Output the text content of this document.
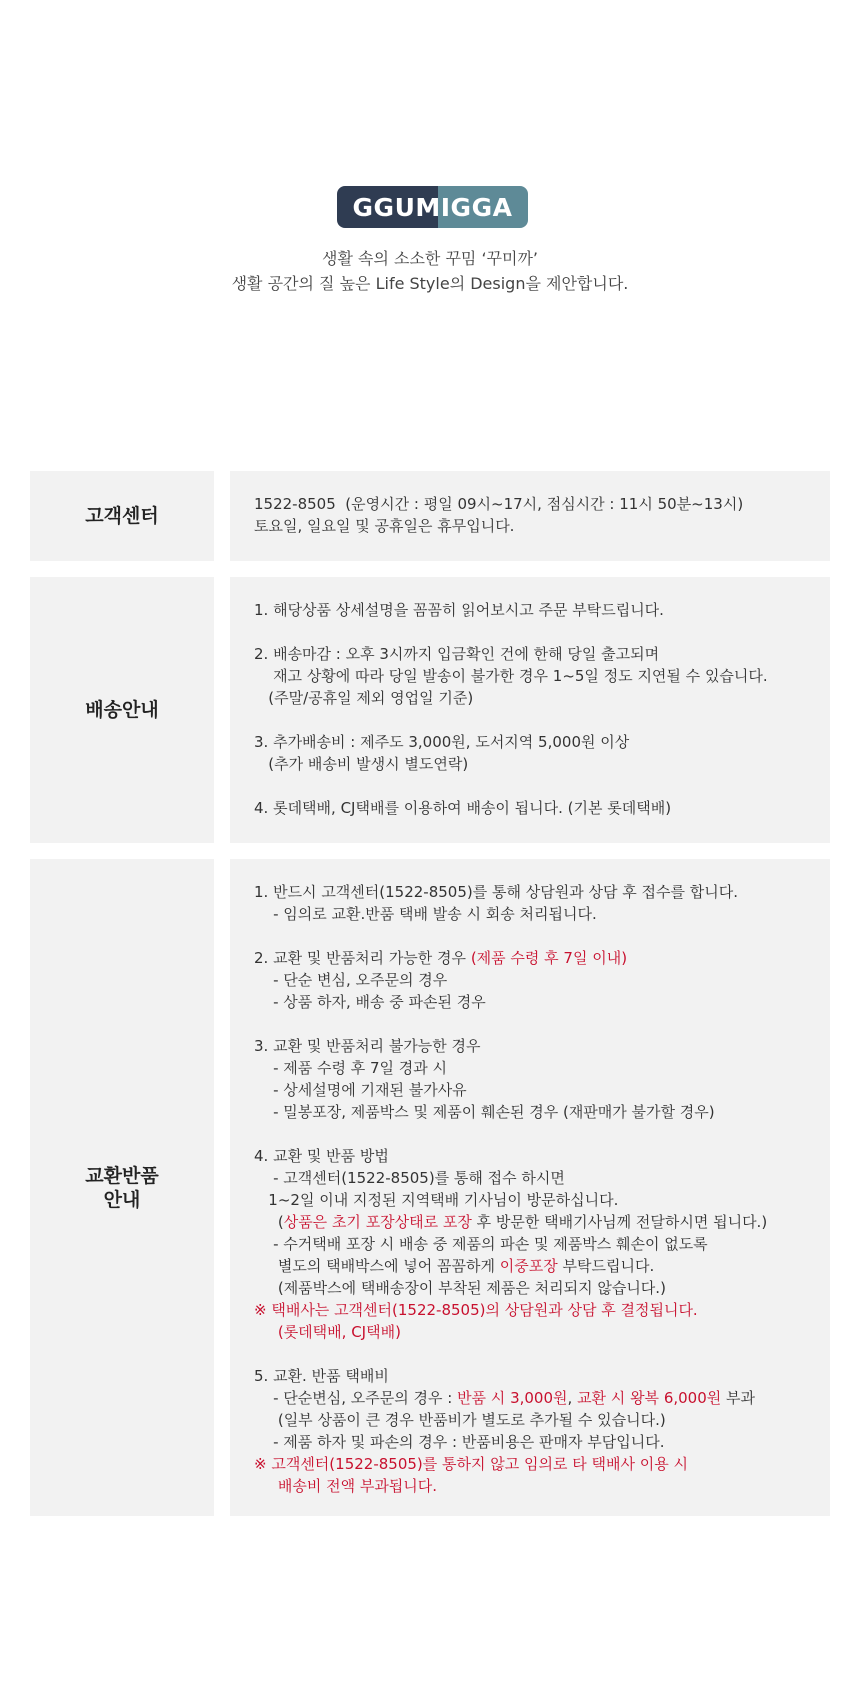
GGUMIGGA
생활 속의 소소한 꾸밈 ‘꾸미까’
생활 공간의 질 높은 Life Style의 Design을 제안합니다.
고객센터
1522-8505  (운영시간 : 평일 09시~17시, 점심시간 : 11시 50분~13시)
토요일, 일요일 및 공휴일은 휴무입니다.
배송안내
1. 해당상품 상세설명을 꼼꼼히 읽어보시고 주문 부탁드립니다.
2. 배송마감 : 오후 3시까지 입금확인 건에 한해 당일 출고되며
재고 상황에 따라 당일 발송이 불가한 경우 1~5일 정도 지연될 수 있습니다.
(주말/공휴일 제외 영업일 기준)
3. 추가배송비 : 제주도 3,000원, 도서지역 5,000원 이상
(추가 배송비 발생시 별도연락)
4. 롯데택배, CJ택배를 이용하여 배송이 됩니다. (기본 롯데택배)
교환반품
안내
1. 반드시 고객센터(1522-8505)를 통해 상담원과 상담 후 접수를 합니다.
- 임의로 교환.반품 택배 발송 시 회송 처리됩니다.
2. 교환 및 반품처리 가능한 경우 (제품 수령 후 7일 이내)
- 단순 변심, 오주문의 경우
- 상품 하자, 배송 중 파손된 경우
3. 교환 및 반품처리 불가능한 경우
- 제품 수령 후 7일 경과 시
- 상세설명에 기재된 불가사유
- 밀봉포장, 제품박스 및 제품이 훼손된 경우 (재판매가 불가할 경우)
4. 교환 및 반품 방법
- 고객센터(1522-8505)를 통해 접수 하시면
1~2일 이내 지정된 지역택배 기사님이 방문하십니다.
(상품은 초기 포장상태로 포장 후 방문한 택배기사님께 전달하시면 됩니다.)
- 수거택배 포장 시 배송 중 제품의 파손 및 제품박스 훼손이 없도록
별도의 택배박스에 넣어 꼼꼼하게 이중포장 부탁드립니다.
(제품박스에 택배송장이 부착된 제품은 처리되지 않습니다.)
※ 택배사는 고객센터(1522-8505)의 상담원과 상담 후 결정됩니다.
(롯데택배, CJ택배)
5. 교환. 반품 택배비
- 단순변심, 오주문의 경우 : 반품 시 3,000원, 교환 시 왕복 6,000원 부과
(일부 상품이 큰 경우 반품비가 별도로 추가될 수 있습니다.)
- 제품 하자 및 파손의 경우 : 반품비용은 판매자 부담입니다.
※ 고객센터(1522-8505)를 통하지 않고 임의로 타 택배사 이용 시
배송비 전액 부과됩니다.
